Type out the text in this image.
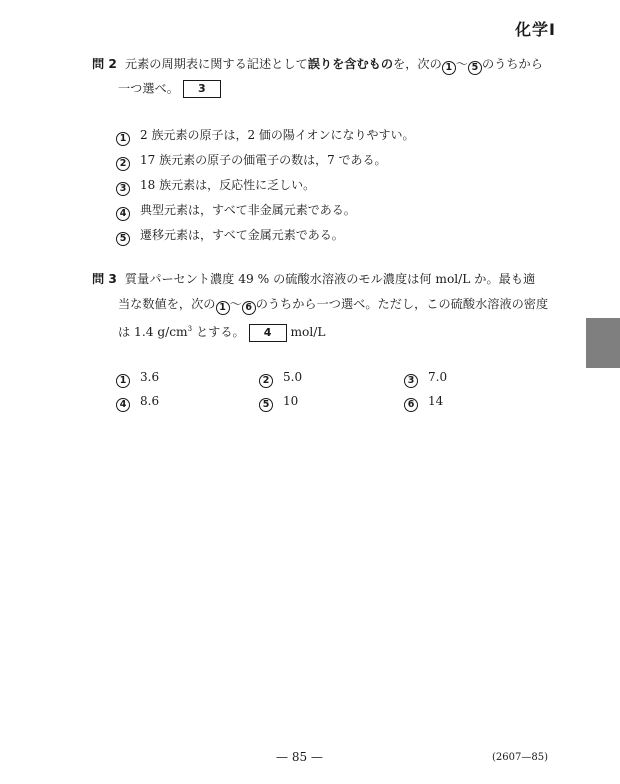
化学Ⅰ
問 2 元素の周期表に関する記述として誤りを含むものを，次の 1 〜 5 のうちから
一つ選べ。 3
1 2 族元素の原子は，2 価の陽イオンになりやすい。
2 17 族元素の原子の価電子の数は，7 である。
3 18 族元素は，反応性に乏しい。
4 典型元素は，すべて非金属元素である。
5 遷移元素は，すべて金属元素である。
問 3 質量パーセント濃度 49 % の硫酸水溶液のモル濃度は何 mol/L か。最も適
当な数値を，次の 1 〜 6 のうちから一つ選べ。ただし，この硫酸水溶液の密度
は 1.4 $g/cm^3$ とする。 4 mol/L
1 3.6	2 5.0	3 7.0
4 8.6	5 10	6 14
— 85 —	(2607—85)
